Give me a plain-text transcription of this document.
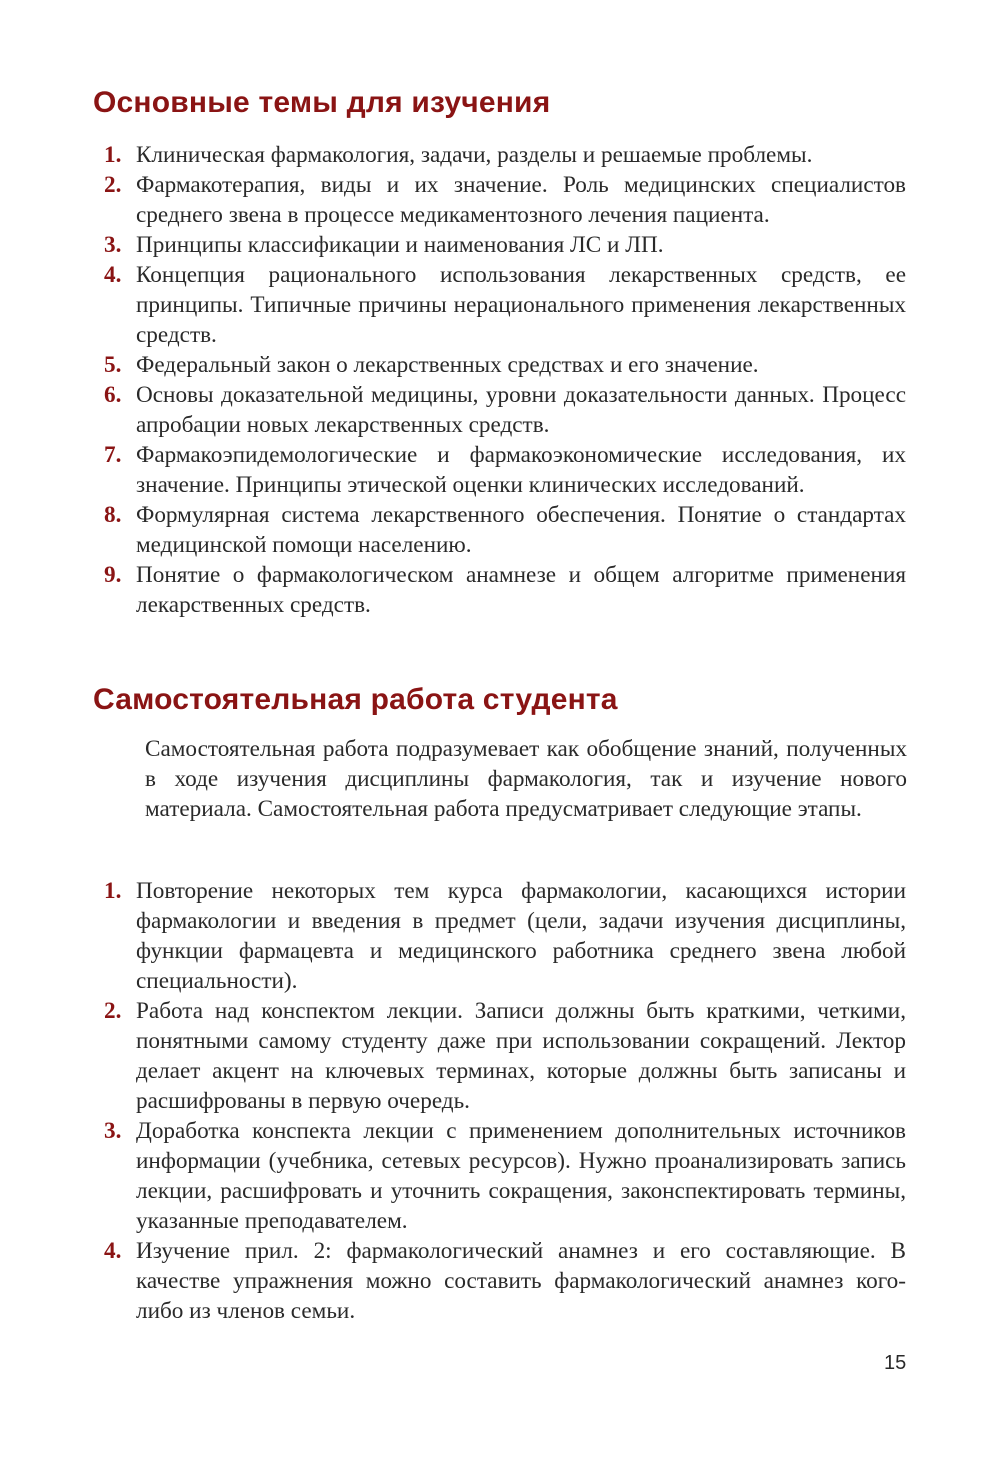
Основные темы для изучения
1. Клиническая фармакология, задачи, разделы и решаемые проблемы.
2. Фармакотерапия, виды и их значение. Роль медицинских специалистов среднего звена в процессе медикаментозного лечения пациента.
3. Принципы классификации и наименования ЛС и ЛП.
4. Концепция рационального использования лекарственных средств, ее принципы. Типичные причины нерационального применения лекарственных средств.
5. Федеральный закон о лекарственных средствах и его значение.
6. Основы доказательной медицины, уровни доказательности данных. Процесс апробации новых лекарственных средств.
7. Фармакоэпидемологические и фармакоэкономические исследования, их значение. Принципы этической оценки клинических исследований.
8. Формулярная система лекарственного обеспечения. Понятие о стандартах медицинской помощи населению.
9. Понятие о фармакологическом анамнезе и общем алгоритме применения лекарственных средств.
Самостоятельная работа студента

Самостоятельная работа подразумевает как обобщение знаний, полученных в ходе изучения дисциплины фармакология, так и изучение нового материала. Самостоятельная работа предусматривает следующие этапы.

1. Повторение некоторых тем курса фармакологии, касающихся истории фармакологии и введения в предмет (цели, задачи изучения дисциплины, функции фармацевта и медицинского работника среднего звена любой специальности).
2. Работа над конспектом лекции. Записи должны быть краткими, четкими, понятными самому студенту даже при использовании сокращений. Лектор делает акцент на ключевых терминах, которые должны быть записаны и расшифрованы в первую очередь.
3. Доработка конспекта лекции с применением дополнительных источников информации (учебника, сетевых ресурсов). Нужно проанализировать запись лекции, расшифровать и уточнить сокращения, законспектировать термины, указанные преподавателем.
4. Изучение прил. 2: фармакологический анамнез и его составляющие. В качестве упражнения можно составить фармакологический анамнез кого-либо из членов семьи.
15
